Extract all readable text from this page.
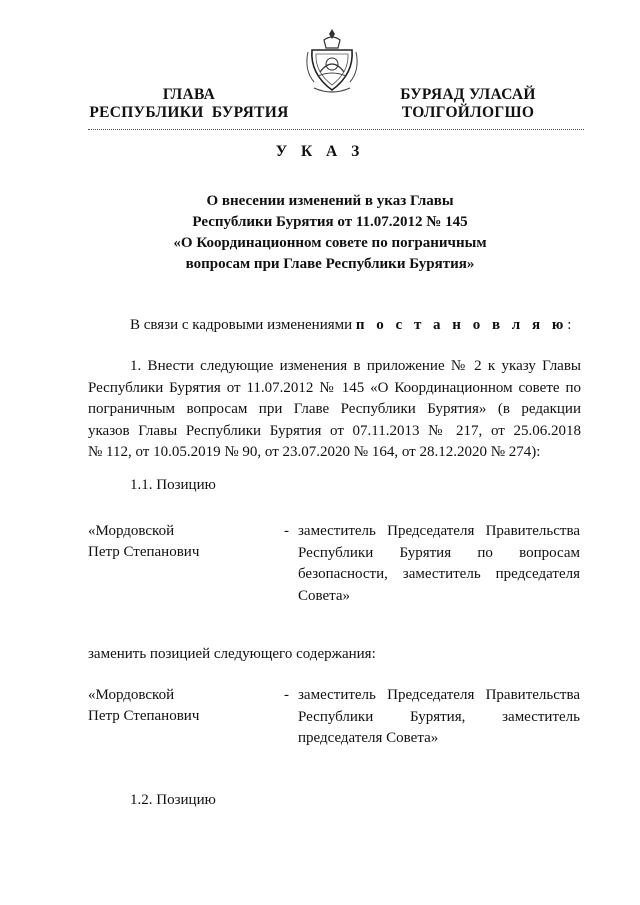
ГЛАВА
РЕСПУБЛИКИ  БУРЯТИЯ
БУРЯАД УЛАСАЙ
ТОЛГОЙЛОГШО
У К А З
О внесении изменений в указ Главы
Республики Бурятия от 11.07.2012 № 145
«О Координационном совете по пограничным
вопросам при Главе Республики Бурятия»
В связи с кадровыми изменениями п о с т а н о в л я ю:
1. Внести следующие изменения в приложение № 2 к указу Главы
Республики Бурятия от 11.07.2012 № 145 «О Координационном совете по
пограничным вопросам при Главе Республики Бурятия» (в редакции
указов Главы Республики Бурятия от 07.11.2013 № 217, от 25.06.2018
№ 112, от 10.05.2019 № 90, от 23.07.2020 № 164, от 28.12.2020 № 274):
1.1. Позицию
«Мордовской
Петр Степанович
- заместитель Председателя Правительства
Республики Бурятия по вопросам
безопасности, заместитель председателя
Совета»
заменить позицией следующего содержания:
«Мордовской
Петр Степанович
- заместитель Председателя Правительства
Республики Бурятия, заместитель
председателя Совета»
1.2. Позицию
